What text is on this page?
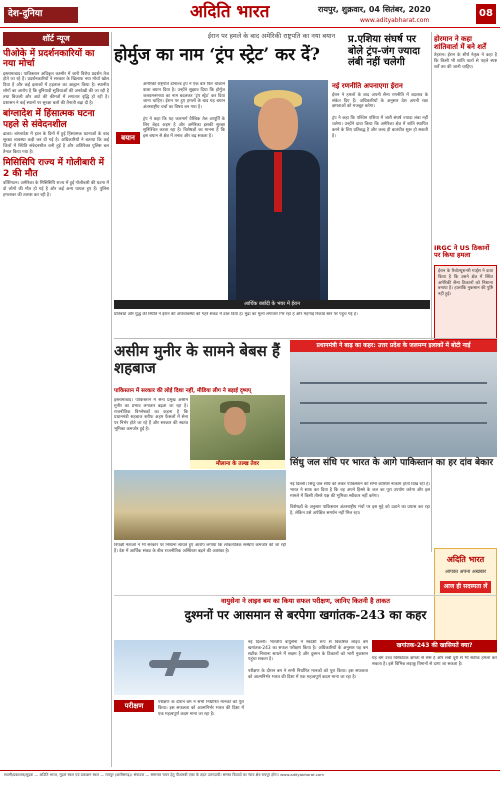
देश-दुनिया	अदिति भारत	रायपुर, शुक्रवार, 04 सितंबर, 2020
www.adityabharat.com
08
शॉर्ट न्यूज
पीओके में प्रदर्शनकारियों का नया मोर्चा
इस्लामाबाद। पाकिस्तान अधिकृत कश्मीर में जारी विरोध प्रदर्शन तेज होते जा रहे हैं। प्रदर्शनकारियों ने सरकार के खिलाफ नया मोर्चा खोल दिया है और कई इलाकों में हड़ताल का आह्वान किया है। स्थानीय लोगों का आरोप है कि बुनियादी सुविधाओं की अनदेखी की जा रही है तथा बिजली और आटे की कीमतों में लगातार वृद्धि हो रही है। प्रशासन ने कई स्थानों पर सुरक्षा बलों की तैनाती बढ़ा दी है।
बांग्लादेश में हिंसात्मक घटना पहले से संवेदनशील
ढाका। बांग्लादेश में हाल के दिनों में हुई हिंसात्मक घटनाओं के बाद सुरक्षा व्यवस्था कड़ी कर दी गई है। अधिकारियों ने बताया कि कई जिलों में स्थिति संवेदनशील बनी हुई है और अतिरिक्त पुलिस बल तैनात किया गया है।
मिसिसिपि राज्य में गोलीबारी में 2 की मौत
वॉशिंगटन। अमेरिका के मिसिसिपि राज्य में हुई गोलीबारी की घटना में दो लोगों की मौत हो गई है और कई अन्य घायल हुए हैं। पुलिस हमलावर की तलाश कर रही है।
ईरान पर हमले के बाद अमेरिकी राष्ट्रपति का नया बयान
होर्मुज का नाम ‘ट्रंप स्ट्रेट’ कर दें?
प्र.एशिया संघर्ष पर बोले ट्रंप-जंग ज्यादा लंबी नहीं चलेगी
बयान
अमेरिकी राष्ट्रपति डोनाल्ड ट्रंप ने एक बार फिर चौंकाने वाला बयान दिया है। उन्होंने सुझाव दिया कि होर्मुज जलडमरूमध्य का नाम बदलकर ‘ट्रंप स्ट्रेट’ कर दिया जाना चाहिए। ईरान पर हुए हमलों के बाद यह बयान अंतरराष्ट्रीय चर्चा का विषय बन गया है।

ट्रंप ने कहा कि यह जलमार्ग वैश्विक तेल आपूर्ति के लिए बेहद अहम है और अमेरिका इसकी सुरक्षा सुनिश्चित करता रहा है। विशेषज्ञों का मानना है कि इस बयान से क्षेत्र में तनाव और बढ़ सकता है।
नई रणनीति अपनाएगा ईरान
ईरान ने हमलों के बाद अपनी सैन्य रणनीति में बदलाव के संकेत दिए हैं। अधिकारियों के अनुसार देश अपनी रक्षा क्षमताओं को मजबूत करेगा।

ट्रंप ने कहा कि पश्चिम एशिया में जारी संघर्ष ज्यादा लंबा नहीं चलेगा। उन्होंने दावा किया कि अमेरिका क्षेत्र में शांति स्थापित करने के लिए प्रतिबद्ध है और जल्द ही बातचीत शुरू हो सकती है।
आर्थिक बर्बादी के भंवर में ईरान
प्रतिबंधों और युद्ध की स्थिति ने ईरान की अर्थव्यवस्था को गहरे संकट में डाल दिया है। मुद्रा का मूल्य लगातार गिर रहा है और महंगाई रिकॉर्ड स्तर पर पहुंच गई है।
होरमान ने कहा शांतिवार्ता में बने शर्तें
तेहरान। ईरान के शीर्ष नेतृत्व ने कहा है कि किसी भी शांति वार्ता से पहले स्पष्ट शर्तें तय की जानी चाहिए।
IRGC ने US ठिकानों पर किया हमला
ईरान के रिवोल्यूशनरी गार्ड्स ने दावा किया है कि उसने क्षेत्र में स्थित अमेरिकी सैन्य ठिकानों को निशाना बनाया है। हालांकि नुकसान की पुष्टि नहीं हुई।
असीम मुनीर के सामने बेबस हैं शहबाज
प्रधानमंत्री ने बाढ़ का कहर: उत्तर प्रदेश के जलमग्न इलाकों में बोटी नाई
पाकिस्तान में सरकार की लोई दिशा नहीं, मीडिया लीग ने बड़ाई दृष्यप्
इस्लामाबाद। पाकिस्तान में सेना प्रमुख असीम मुनीर का प्रभाव लगातार बढ़ता जा रहा है। राजनीतिक विश्लेषकों का कहना है कि प्रधानमंत्री शहबाज शरीफ अहम फैसलों में सेना पर निर्भर होते जा रहे हैं और सरकार की स्वतंत्र भूमिका कमजोर हुई है।
मौलाना के तल्ख तेवर	सिंधु जल संधि पर भारत के आगे पाकिस्तान का हर दांव बेकार
विपक्षी नेताओं ने भी सरकार पर निशाना साधते हुए आरोप लगाया कि लोकतांत्रिक संस्थाएं कमजोर की जा रही हैं। देश में आर्थिक संकट के बीच राजनीतिक अस्थिरता बढ़ने की आशंका है।
नई दिल्ली। सिंधु जल संधि को लेकर पाकिस्तान की सभी कोशिशें नाकाम होती दिख रही हैं। भारत ने साफ कर दिया है कि वह अपने हिस्से के जल का पूरा उपयोग करेगा और इस मामले में किसी तीसरे पक्ष की भूमिका स्वीकार नहीं करेगा।

विशेषज्ञों के अनुसार पाकिस्तान अंतरराष्ट्रीय मंचों पर इस मुद्दे को उठाने का प्रयास कर रहा है, लेकिन उसे अपेक्षित समर्थन नहीं मिल रहा।
अदिति भारत
आपका अपना अखबार
आज ही सदस्यता लें
वायुसेना ने लाइव बम का किया सफल परीक्षण, जानिए कितनी है ताकत
दुश्मनों पर आसमान से बरपेगा खगांतक-243 का कहर
परीक्षण
नई दिल्ली। भारतीय वायुसेना ने स्वदेशी रूप से विकसित लाइव बम खगांतक-243 का सफल परीक्षण किया है। अधिकारियों के अनुसार यह बम सटीक निशाना साधने में सक्षम है और दुश्मन के ठिकानों को भारी नुकसान पहुंचा सकता है।

परीक्षण के दौरान बम ने सभी निर्धारित मानकों को पूरा किया। इस सफलता को आत्मनिर्भर भारत की दिशा में एक महत्वपूर्ण कदम माना जा रहा है।
परीक्षण के दौरान बम ने सभी निर्धारित मानकों को पूरा किया। इस सफलता को आत्मनिर्भर भारत की दिशा में एक महत्वपूर्ण कदम माना जा रहा है।
खगांतक-243 की खासियतें क्या?
यह बम उच्च विस्फोटक क्षमता से लैस है और लंबी दूरी से भी सटीक हमला कर सकता है। इसे विभिन्न लड़ाकू विमानों से दागा जा सकता है।
स्वामी/प्रकाशक/मुद्रक — अदिति भारत, मुद्रण स्थल एवं प्रकाशन स्थल — रायपुर (छत्तीसगढ़)। संपादक — समाचार चयन हेतु पीआरबी एक्ट के तहत उत्तरदायी। समस्त विवादों का न्याय क्षेत्र रायपुर होगा। www.adityabharat.com
